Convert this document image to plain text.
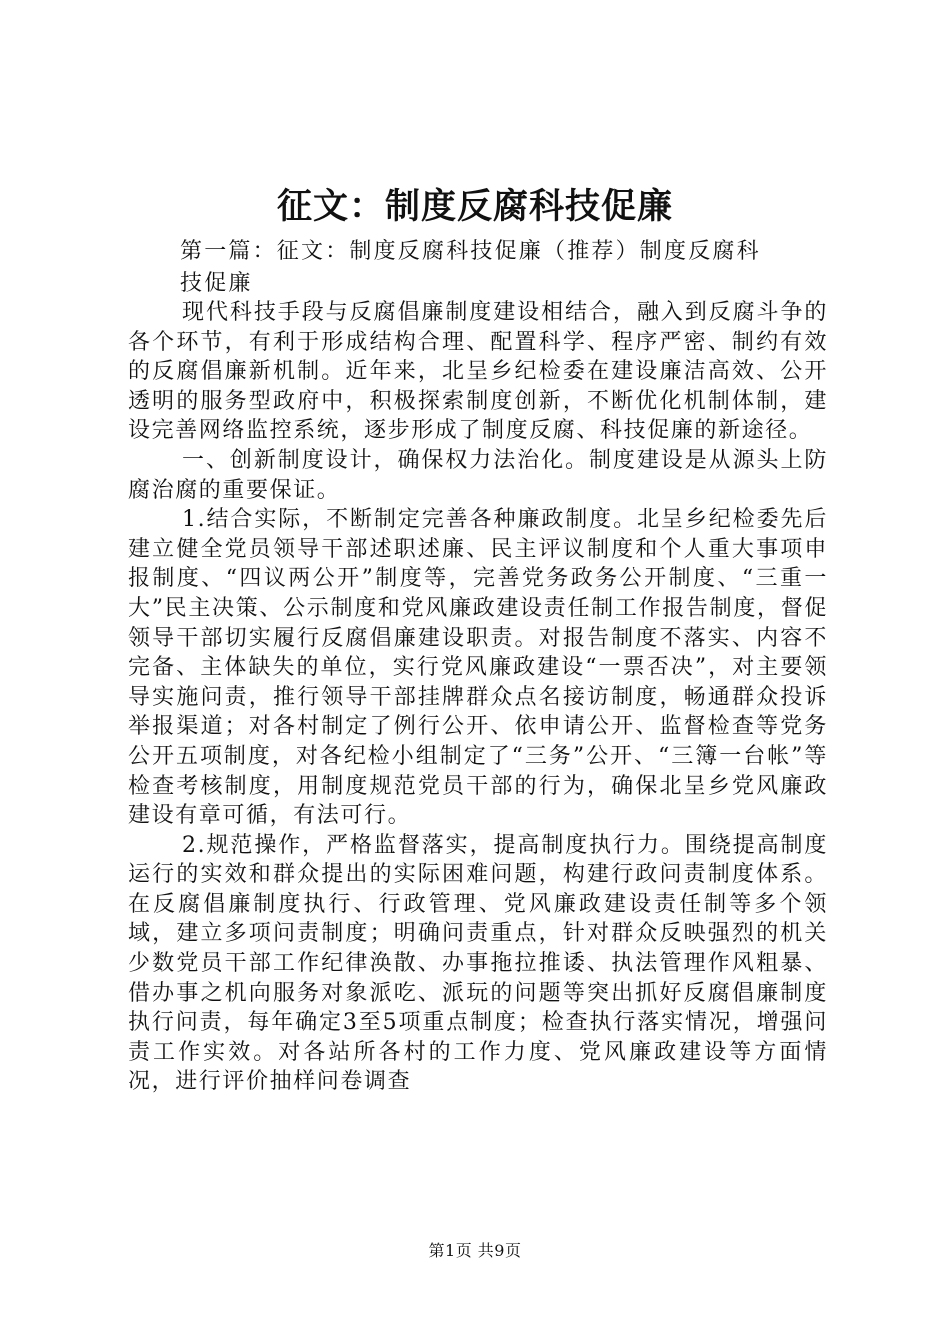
征文：制度反腐科技促廉
第一篇：征文：制度反腐科技促廉（推荐）制度反腐科技促廉

现代科技手段与反腐倡廉制度建设相结合，融入到反腐斗争的各个环节，有利于形成结构合理、配置科学、程序严密、制约有效的反腐倡廉新机制。近年来，北呈乡纪检委在建设廉洁高效、公开透明的服务型政府中，积极探索制度创新，不断优化机制体制，建设完善网络监控系统，逐步形成了制度反腐、科技促廉的新途径。

一、创新制度设计，确保权力法治化。制度建设是从源头上防腐治腐的重要保证。

1.结合实际，不断制定完善各种廉政制度。北呈乡纪检委先后建立健全党员领导干部述职述廉、民主评议制度和个人重大事项申报制度、“四议两公开”制度等，完善党务政务公开制度、“三重一大”民主决策、公示制度和党风廉政建设责任制工作报告制度，督促领导干部切实履行反腐倡廉建设职责。对报告制度不落实、内容不完备、主体缺失的单位，实行党风廉政建设“一票否决”，对主要领导实施问责，推行领导干部挂牌群众点名接访制度，畅通群众投诉举报渠道；对各村制定了例行公开、依申请公开、监督检查等党务公开五项制度，对各纪检小组制定了“三务”公开、“三簿一台帐”等检查考核制度，用制度规范党员干部的行为，确保北呈乡党风廉政建设有章可循，有法可行。

2.规范操作，严格监督落实，提高制度执行力。围绕提高制度运行的实效和群众提出的实际困难问题，构建行政问责制度体系。在反腐倡廉制度执行、行政管理、党风廉政建设责任制等多个领域，建立多项问责制度；明确问责重点，针对群众反映强烈的机关少数党员干部工作纪律涣散、办事拖拉推诿、执法管理作风粗暴、借办事之机向服务对象派吃、派玩的问题等突出抓好反腐倡廉制度执行问责，每年确定3至5项重点制度；检查执行落实情况，增强问责工作实效。对各站所各村的工作力度、党风廉政建设等方面情况，进行评价抽样问卷调查

第1页 共9页
